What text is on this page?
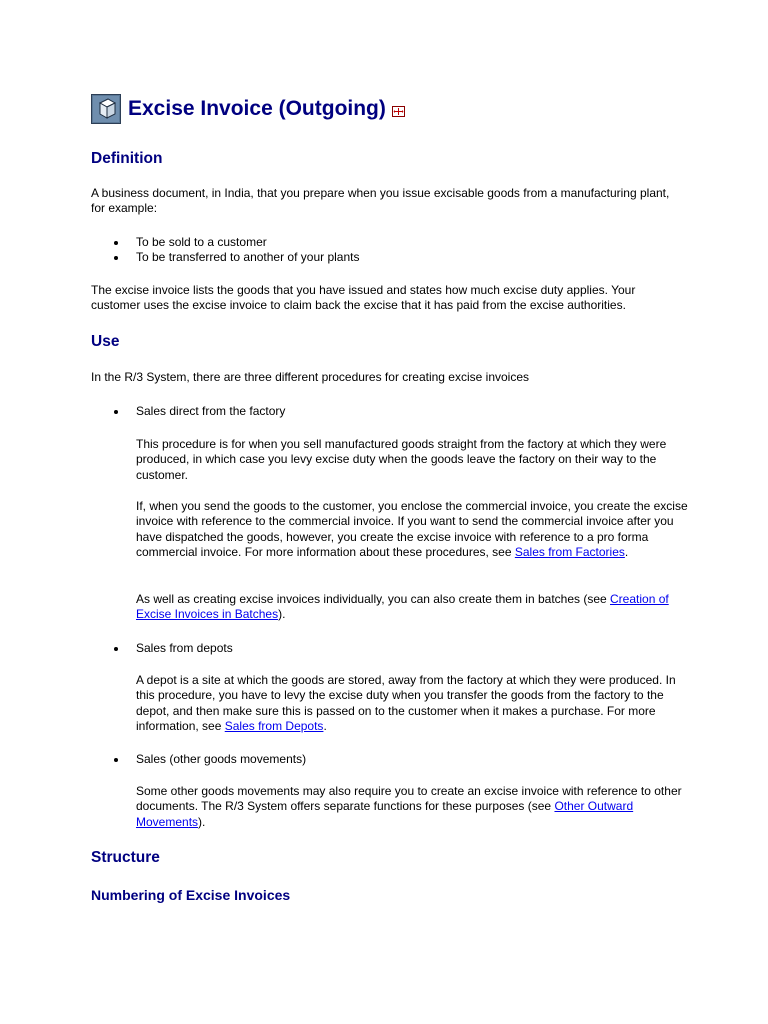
Excise Invoice (Outgoing)
Definition

A business document, in India, that you prepare when you issue excisable goods from a manufacturing plant, for example:

To be sold to a customer
To be transferred to another of your plants

The excise invoice lists the goods that you have issued and states how much excise duty applies. Your customer uses the excise invoice to claim back the excise that it has paid from the excise authorities.

Use

In the R/3 System, there are three different procedures for creating excise invoices

Sales direct from the factory

This procedure is for when you sell manufactured goods straight from the factory at which they were produced, in which case you levy excise duty when the goods leave the factory on their way to the customer.

If, when you send the goods to the customer, you enclose the commercial invoice, you create the excise invoice with reference to the commercial invoice. If you want to send the commercial invoice after you have dispatched the goods, however, you create the excise invoice with reference to a pro forma commercial invoice. For more information about these procedures, see Sales from Factories.

As well as creating excise invoices individually, you can also create them in batches (see Creation of Excise Invoices in Batches).

Sales from depots

A depot is a site at which the goods are stored, away from the factory at which they were produced. In this procedure, you have to levy the excise duty when you transfer the goods from the factory to the depot, and then make sure this is passed on to the customer when it makes a purchase. For more information, see Sales from Depots.

Sales (other goods movements)

Some other goods movements may also require you to create an excise invoice with reference to other documents. The R/3 System offers separate functions for these purposes (see Other Outward Movements).

Structure
Numbering of Excise Invoices
